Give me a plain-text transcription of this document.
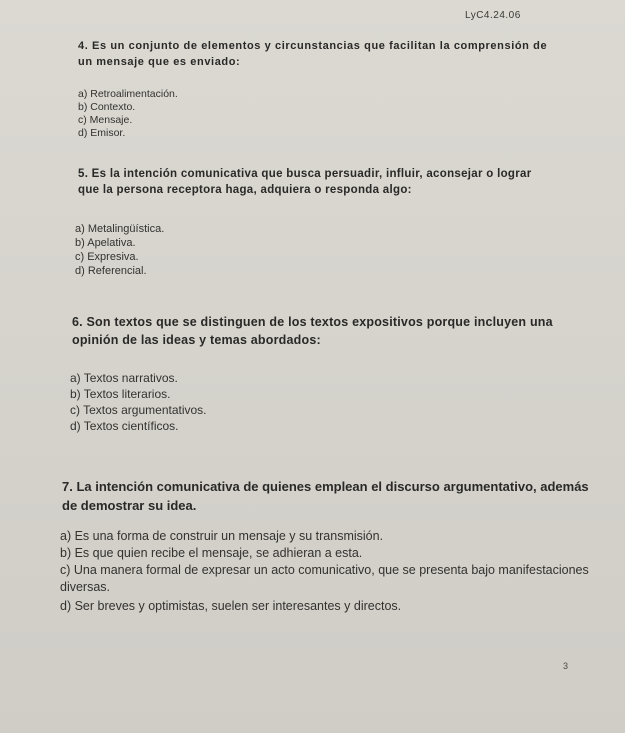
LyC4.24.06
4. Es un conjunto de elementos y circunstancias que facilitan la comprensión de un mensaje que es enviado:
a) Retroalimentación.
b) Contexto.
c) Mensaje.
d) Emisor.
5. Es la intención comunicativa que busca persuadir, influir, aconsejar o lograr que la persona receptora haga, adquiera o responda algo:
a) Metalingüística.
b) Apelativa.
c) Expresiva.
d) Referencial.
6. Son textos que se distinguen de los textos expositivos porque incluyen una opinión de las ideas y temas abordados:
a) Textos narrativos.
b) Textos literarios.
c) Textos argumentativos.
d) Textos científicos.
7. La intención comunicativa de quienes emplean el discurso argumentativo, además de demostrar su idea.
a) Es una forma de construir un mensaje y su transmisión.
b) Es que quien recibe el mensaje, se adhieran a esta.
c) Una manera formal de expresar un acto comunicativo, que se presenta bajo manifestaciones diversas.
d) Ser breves y optimistas, suelen ser interesantes y directos.
3
